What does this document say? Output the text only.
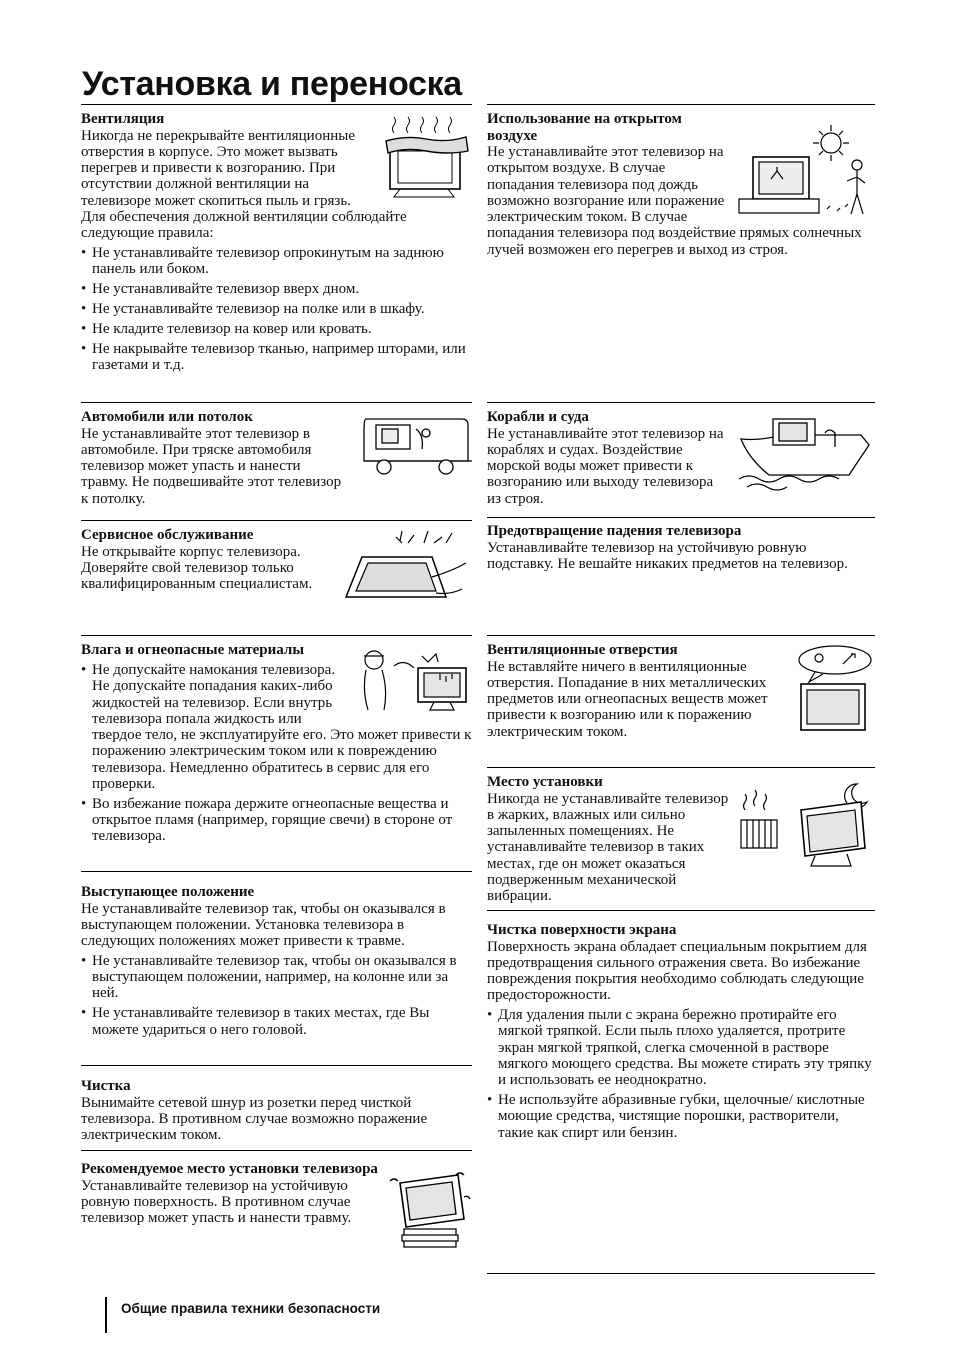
Установка и переноска
Вентиляция

Никогда не перекрывайте вентиляционные отверстия в корпусе. Это может вызвать перегрев и привести к возгоранию. При отсутствии должной вентиляции на телевизоре может скопиться пыль и грязь. Для обеспечения должной вентиляции соблюдайте следующие правила:

• Не устанавливайте телевизор опрокинутым на заднюю панель или боком.
• Не устанавливайте телевизор вверх дном.
• Не устанавливайте телевизор на полке или в шкафу.
• Не кладите телевизор на ковер или кровать.
• Не накрывайте телевизор тканью, например шторами, или газетами и т.д.
Автомобили или потолок

Не устанавливайте этот телевизор в автомобиле. При тряске автомобиля телевизор может упасть и нанести травму. Не подвешивайте этот телевизор к потолку.

Сервисное обслуживание

Не открывайте корпус телевизора. Доверяйте свой телевизор только квалифицированным специалистам.

Влага и огнеопасные материалы
• Не допускайте намокания телевизора. Не допускайте попадания каких-либо жидкостей на телевизор. Если внутрь телевизора попала жидкость или твердое тело, не эксплуатируйте его. Это может привести к поражению электрическим током или к повреждению телевизора. Немедленно обратитесь в сервис для его проверки.
• Во избежание пожара держите огнеопасные вещества и открытое пламя (например, горящие свечи) в стороне от телевизора.
Выступающее положение

Не устанавливайте телевизор так, чтобы он оказывался в выступающем положении. Установка телевизора в следующих положениях может привести к травме.

• Не устанавливайте телевизор так, чтобы он оказывался в выступающем положении, например, на колонне или за ней.
• Не устанавливайте телевизор в таких местах, где Вы можете удариться о него головой.
Чистка

Вынимайте сетевой шнур из розетки перед чисткой телевизора. В противном случае возможно поражение электрическим током.

Рекомендуемое место установки телевизора

Устанавливайте телевизор на устойчивую ровную поверхность. В противном случае телевизор может упасть и нанести травму.

Использование на открытом воздухе

Не устанавливайте этот телевизор на открытом воздухе. В случае попадания телевизора под дождь возможно возгорание или поражение электрическим током. В случае попадания телевизора под воздействие прямых солнечных лучей возможен его перегрев и выход из строя.

Корабли и суда

Не устанавливайте этот телевизор на кораблях и судах. Воздействие морской воды может привести к возгоранию или выходу телевизора из строя.

Предотвращение падения телевизора

Устанавливайте телевизор на устойчивую ровную подставку. Не вешайте никаких предметов на телевизор.

Вентиляционные отверстия

Не вставляйте ничего в вентиляционные отверстия. Попадание в них металлических предметов или огнеопасных веществ может привести к возгоранию или к поражению электрическим током.

Место установки

Никогда не устанавливайте телевизор в жарких, влажных или сильно запыленных помещениях. Не устанавливайте телевизор в таких местах, где он может оказаться подверженным механической вибрации.

Чистка поверхности экрана

Поверхность экрана обладает специальным покрытием для предотвращения сильного отражения света. Во избежание повреждения покрытия необходимо соблюдать следующие предосторожности.

• Для удаления пыли с экрана бережно протирайте его мягкой тряпкой. Если пыль плохо удаляется, протрите экран мягкой тряпкой, слегка смоченной в растворе мягкого моющего средства. Вы можете стирать эту тряпку и использовать ее неоднократно.
• Не используйте абразивные губки, щелочные/ кислотные моющие средства, чистящие порошки, растворители, такие как спирт или бензин.
Общие правила техники безопасности
